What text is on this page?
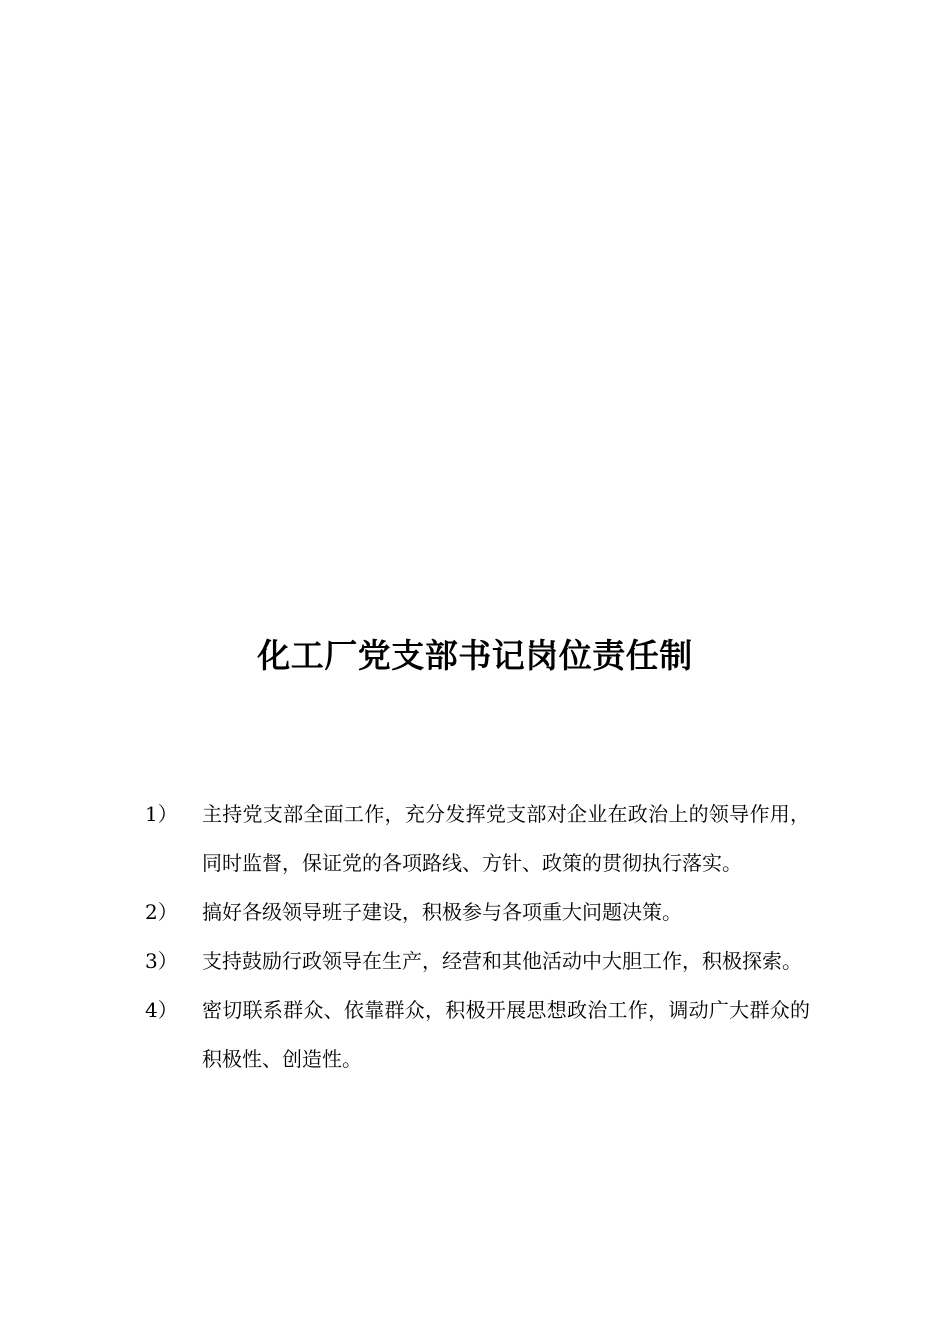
化工厂党支部书记岗位责任制
1）	主持党支部全面工作，充分发挥党支部对企业在政治上的领导作用，同时监督，保证党的各项路线、方针、政策的贯彻执行落实。
2）	搞好各级领导班子建设，积极参与各项重大问题决策。
3）	支持鼓励行政领导在生产，经营和其他活动中大胆工作，积极探索。
4）	密切联系群众、依靠群众，积极开展思想政治工作，调动广大群众的积极性、创造性。
